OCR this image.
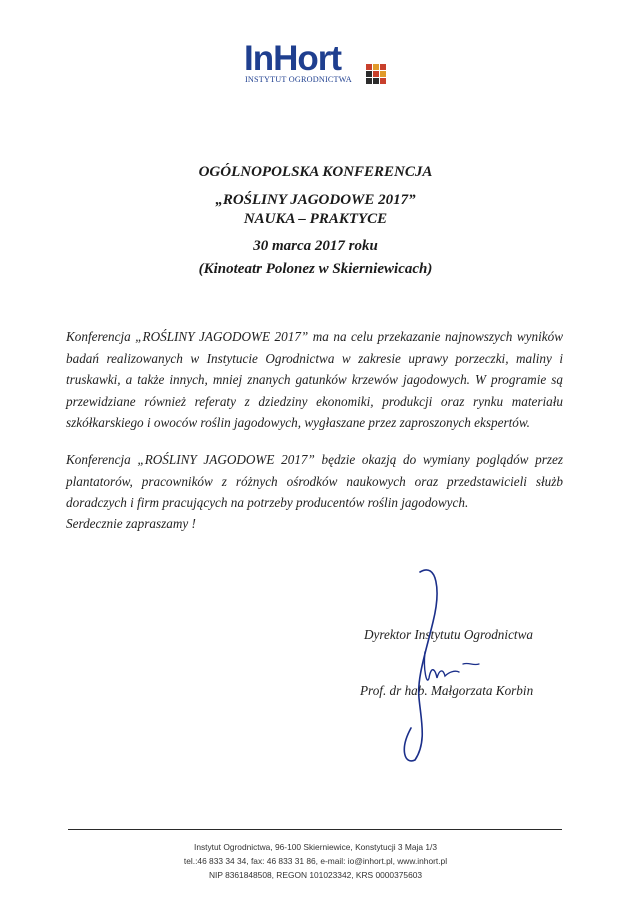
InHort
INSTYTUT OGRODNICTWA
OGÓLNOPOLSKA KONFERENCJA
„ROŚLINY JAGODOWE 2017”
NAUKA – PRAKTYCE
30 marca 2017 roku
(Kinoteatr Polonez w Skierniewicach)
Konferencja „ROŚLINY JAGODOWE 2017” ma na celu przekazanie najnowszych wyników badań realizowanych w Instytucie Ogrodnictwa w zakresie uprawy porzeczki, maliny i truskawki, a także innych, mniej znanych gatunków krzewów jagodowych. W programie są przewidziane również referaty z dziedziny ekonomiki, produkcji oraz rynku materiału szkółkarskiego i owoców roślin jagodowych, wygłaszane przez zaproszonych ekspertów.
Konferencja „ROŚLINY JAGODOWE 2017” będzie okazją do wymiany poglądów przez plantatorów, pracowników z różnych ośrodków naukowych oraz przedstawicieli służb doradczych i firm pracujących na potrzeby producentów roślin jagodowych.
Serdecznie zapraszamy !
Dyrektor Instytutu Ogrodnictwa
Prof. dr hab. Małgorzata Korbin
Instytut Ogrodnictwa, 96-100 Skierniewice, Konstytucji 3 Maja 1/3
tel.:46 833 34 34, fax: 46 833 31 86, e-mail: io@inhort.pl, www.inhort.pl
NIP 8361848508, REGON 101023342, KRS 0000375603
